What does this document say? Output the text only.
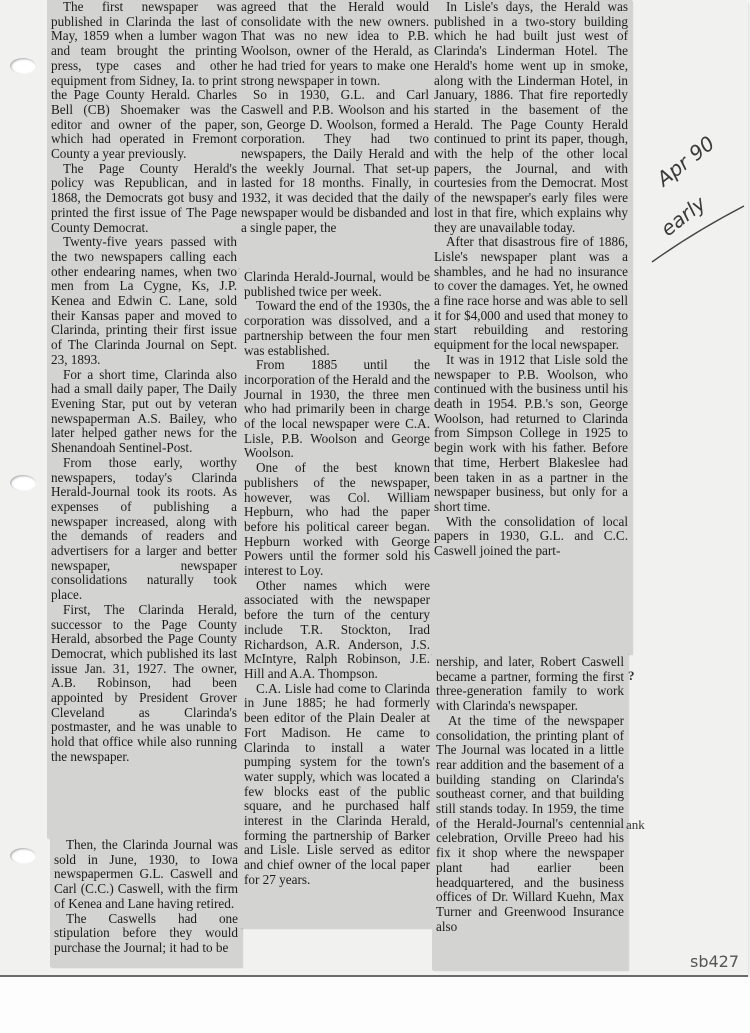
The first newspaper was published in Clarinda the last of May, 1859 when a lumber wagon and team brought the printing press, type cases and other equipment from Sidney, Ia. to print the Page County Herald. Charles Bell (CB) Shoemaker was the editor and owner of the paper, which had operated in Fremont County a year previously.

The Page County Herald's policy was Republican, and in 1868, the Democrats got busy and printed the first issue of The Page County Democrat.

Twenty-five years passed with the two newspapers calling each other endearing names, when two men from La Cygne, Ks, J.P. Kenea and Edwin C. Lane, sold their Kansas paper and moved to Clarinda, printing their first issue of The Clarinda Journal on Sept. 23, 1893.

For a short time, Clarinda also had a small daily paper, The Daily Evening Star, put out by veteran newspaperman A.S. Bailey, who later helped gather news for the Shenandoah Sentinel-Post.

From those early, worthy newspapers, today's Clarinda Herald-Journal took its roots. As expenses of publishing a newspaper increased, along with the demands of readers and advertisers for a larger and better newspaper, newspaper consolidations naturally took place.

First, The Clarinda Herald, successor to the Page County Herald, absorbed the Page County Democrat, which published its last issue Jan. 31, 1927. The owner, A.B. Robinson, had been appointed by President Grover Cleveland as Clarinda's postmaster, and he was unable to hold that office while also running the newspaper.

Then, the Clarinda Journal was sold in June, 1930, to Iowa newspapermen G.L. Caswell and Carl (C.C.) Caswell, with the firm of Kenea and Lane having retired.

The Caswells had one stipulation before they would purchase the Journal; it had to be

agreed that the Herald would consolidate with the new owners. That was no new idea to P.B. Woolson, owner of the Herald, as he had tried for years to make one strong newspaper in town.

So in 1930, G.L. and Carl Caswell and P.B. Woolson and his son, George D. Woolson, formed a corporation. They had two newspapers, the Daily Herald and the weekly Journal. That set-up lasted for 18 months. Finally, in 1932, it was decided that the daily newspaper would be disbanded and a single paper, the

Clarinda Herald-Journal, would be published twice per week.

Toward the end of the 1930s, the corporation was dissolved, and a partnership between the four men was established.

From 1885 until the incorporation of the Herald and the Journal in 1930, the three men who had primarily been in charge of the local newspaper were C.A. Lisle, P.B. Woolson and George Woolson.

One of the best known publishers of the newspaper, however, was Col. William Hepburn, who had the paper before his political career began. Hepburn worked with George Powers until the former sold his interest to Loy.

Other names which were associated with the newspaper before the turn of the century include T.R. Stockton, Irad Richardson, A.R. Anderson, J.S. McIntyre, Ralph Robinson, J.E. Hill and A.A. Thompson.

C.A. Lisle had come to Clarinda in June 1885; he had formerly been editor of the Plain Dealer at Fort Madison. He came to Clarinda to install a water pumping system for the town's water supply, which was located a few blocks east of the public square, and he purchased half interest in the Clarinda Herald, forming the partnership of Barker and Lisle. Lisle served as editor and chief owner of the local paper for 27 years.

In Lisle's days, the Herald was published in a two-story building which he had built just west of Clarinda's Linderman Hotel. The Herald's home went up in smoke, along with the Linderman Hotel, in January, 1886. That fire reportedly started in the basement of the Herald. The Page County Herald continued to print its paper, though, with the help of the other local papers, the Journal, and with courtesies from the Democrat. Most of the newspaper's early files were lost in that fire, which explains why they are unavailable today.

After that disastrous fire of 1886, Lisle's newspaper plant was a shambles, and he had no insurance to cover the damages. Yet, he owned a fine race horse and was able to sell it for $4,000 and used that money to start rebuilding and restoring equipment for the local newspaper.

It was in 1912 that Lisle sold the newspaper to P.B. Woolson, who continued with the business until his death in 1954. P.B.'s son, George Woolson, had returned to Clarinda from Simpson College in 1925 to begin work with his father. Before that time, Herbert Blakeslee had been taken in as a partner in the newspaper business, but only for a short time.

With the consolidation of local papers in 1930, G.L. and C.C. Caswell joined the part-

nership, and later, Robert Caswell became a partner, forming the first three-generation family to work with Clarinda's newspaper.

At the time of the newspaper consolidation, the printing plant of The Journal was located in a little rear addition and the basement of a building standing on Clarinda's southeast corner, and that building still stands today. In 1959, the time of the Herald-Journal's centennial celebration, Orville Preeo had his fix it shop where the newspaper plant had earlier been headquartered, and the business offices of Dr. Willard Kuehn, Max Turner and Greenwood Insurance also

ank
?
Apr 90
early
sb427
